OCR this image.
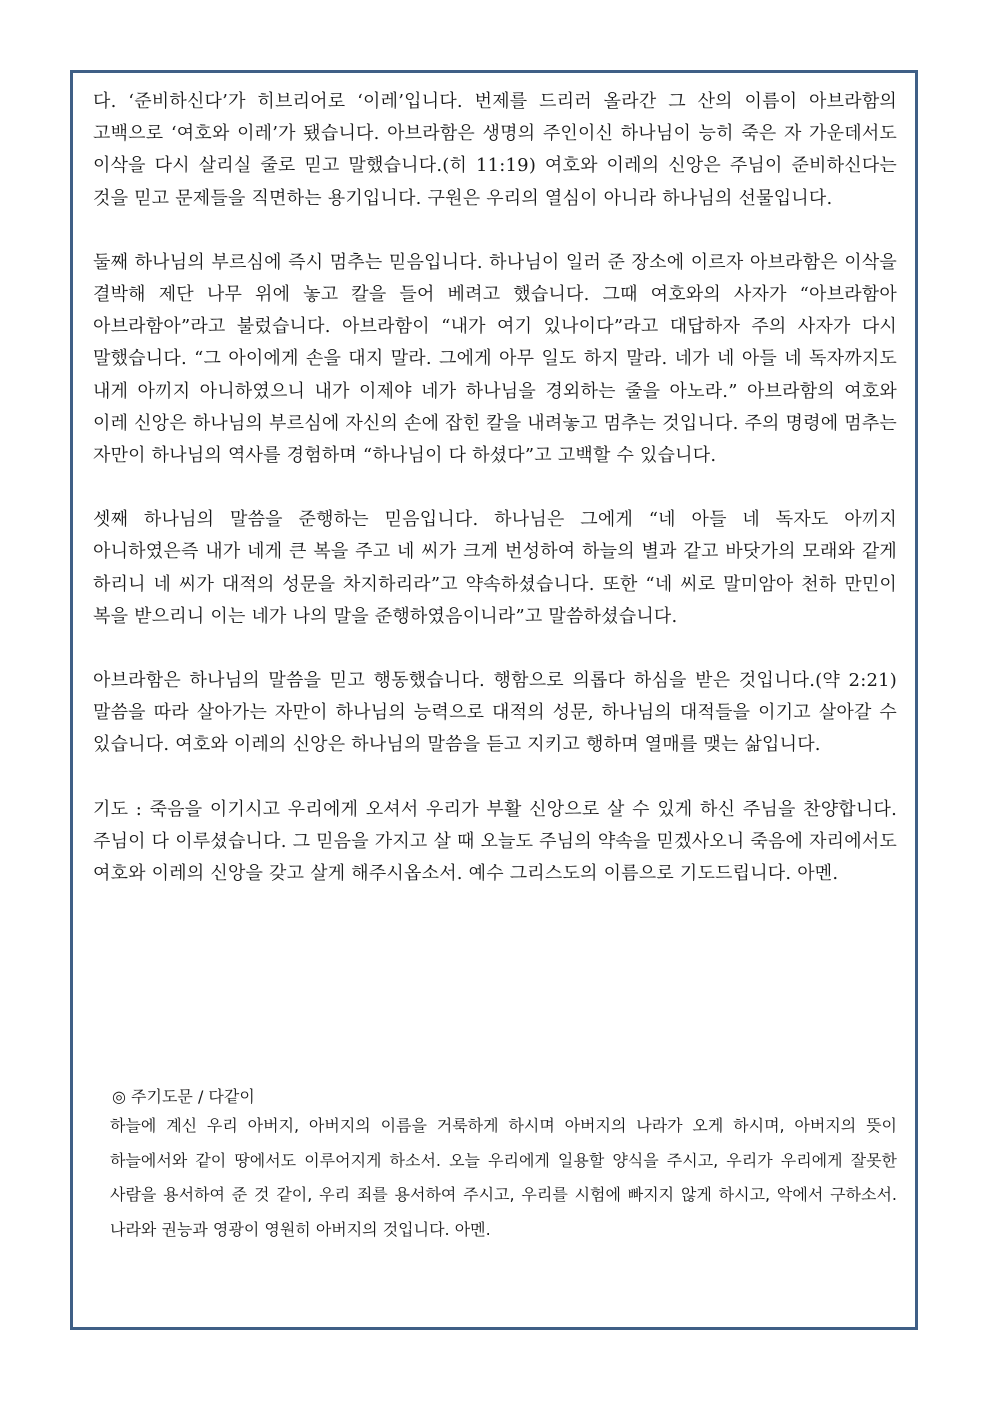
다. ‘준비하신다’가 히브리어로 ‘이레’입니다. 번제를 드리러 올라간 그 산의 이름이 아브라함의 고백으로 ‘여호와 이레’가 됐습니다. 아브라함은 생명의 주인이신 하나님이 능히 죽은 자 가운데서도 이삭을 다시 살리실 줄로 믿고 말했습니다.(히 11:19) 여호와 이레의 신앙은 주님이 준비하신다는 것을 믿고 문제들을 직면하는 용기입니다. 구원은 우리의 열심이 아니라 하나님의 선물입니다.

둘째 하나님의 부르심에 즉시 멈추는 믿음입니다. 하나님이 일러 준 장소에 이르자 아브라함은 이삭을 결박해 제단 나무 위에 놓고 칼을 들어 베려고 했습니다. 그때 여호와의 사자가 “아브라함아 아브라함아”라고 불렀습니다. 아브라함이 “내가 여기 있나이다”라고 대답하자 주의 사자가 다시 말했습니다. “그 아이에게 손을 대지 말라. 그에게 아무 일도 하지 말라. 네가 네 아들 네 독자까지도 내게 아끼지 아니하였으니 내가 이제야 네가 하나님을 경외하는 줄을 아노라.” 아브라함의 여호와 이레 신앙은 하나님의 부르심에 자신의 손에 잡힌 칼을 내려놓고 멈추는 것입니다. 주의 명령에 멈추는 자만이 하나님의 역사를 경험하며 “하나님이 다 하셨다”고 고백할 수 있습니다.

셋째 하나님의 말씀을 준행하는 믿음입니다. 하나님은 그에게 “네 아들 네 독자도 아끼지 아니하였은즉 내가 네게 큰 복을 주고 네 씨가 크게 번성하여 하늘의 별과 같고 바닷가의 모래와 같게 하리니 네 씨가 대적의 성문을 차지하리라”고 약속하셨습니다. 또한 “네 씨로 말미암아 천하 만민이 복을 받으리니 이는 네가 나의 말을 준행하였음이니라”고 말씀하셨습니다.

아브라함은 하나님의 말씀을 믿고 행동했습니다. 행함으로 의롭다 하심을 받은 것입니다.(약 2:21) 말씀을 따라 살아가는 자만이 하나님의 능력으로 대적의 성문, 하나님의 대적들을 이기고 살아갈 수 있습니다. 여호와 이레의 신앙은 하나님의 말씀을 듣고 지키고 행하며 열매를 맺는 삶입니다.

기도 : 죽음을 이기시고 우리에게 오셔서 우리가 부활 신앙으로 살 수 있게 하신 주님을 찬양합니다. 주님이 다 이루셨습니다. 그 믿음을 가지고 살 때 오늘도 주님의 약속을 믿겠사오니 죽음에 자리에서도 여호와 이레의 신앙을 갖고 살게 해주시옵소서. 예수 그리스도의 이름으로 기도드립니다. 아멘.

◎ 주기도문 / 다같이
하늘에 계신 우리 아버지, 아버지의 이름을 거룩하게 하시며 아버지의 나라가 오게 하시며, 아버지의 뜻이 하늘에서와 같이 땅에서도 이루어지게 하소서. 오늘 우리에게 일용할 양식을 주시고, 우리가 우리에게 잘못한 사람을 용서하여 준 것 같이, 우리 죄를 용서하여 주시고, 우리를 시험에 빠지지 않게 하시고, 악에서 구하소서. 나라와 권능과 영광이 영원히 아버지의 것입니다. 아멘.
